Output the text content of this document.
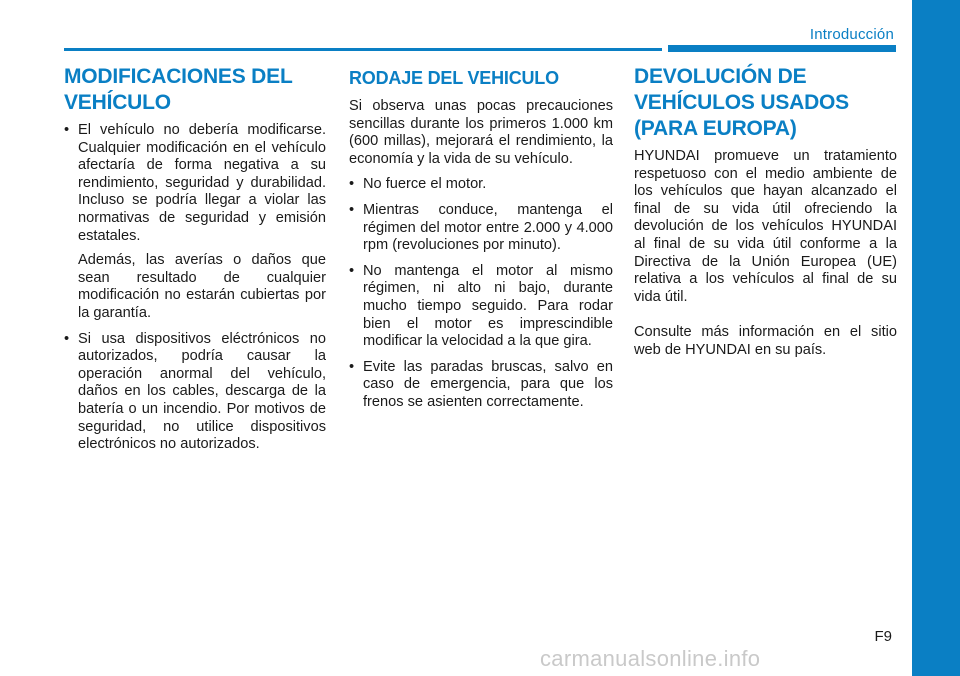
Introducción
MODIFICACIONES DEL VEHÍCULO
• El vehículo no debería modificarse. Cualquier modificación en el vehículo afectaría de forma negativa a su rendimiento, seguridad y durabilidad. Incluso se podría llegar a violar las normativas de seguridad y emisión estatales.
Además, las averías o daños que sean resultado de cualquier modificación no estarán cubiertas por la garantía.
• Si usa dispositivos eléctrónicos no autorizados, podría causar la operación anormal del vehículo, daños en los cables, descarga de la batería o un incendio. Por motivos de seguridad, no utilice dispositivos electrónicos no autorizados.
RODAJE DEL VEHICULO

Si observa unas pocas precauciones sencillas durante los primeros 1.000 km (600 millas), mejorará el rendimiento, la economía y la vida de su vehículo.

• No fuerce el motor.
• Mientras conduce, mantenga el régimen del motor entre 2.000 y 4.000 rpm (revoluciones por minuto).
• No mantenga el motor al mismo régimen, ni alto ni bajo, durante mucho tiempo seguido. Para rodar bien el motor es imprescindible modificar la velocidad a la que gira.
• Evite las paradas bruscas, salvo en caso de emergencia, para que los frenos se asienten correctamente.
DEVOLUCIÓN DE VEHÍCULOS USADOS (PARA EUROPA)

HYUNDAI promueve un tratamiento respetuoso con el medio ambiente de los vehículos que hayan alcanzado el final de su vida útil ofreciendo la devolución de los vehículos HYUNDAI al final de su vida útil conforme a la Directiva de la Unión Europea (UE) relativa a los vehículos al final de su vida útil.

Consulte más información en el sitio web de HYUNDAI en su país.

F9
carmanualsonline.info
